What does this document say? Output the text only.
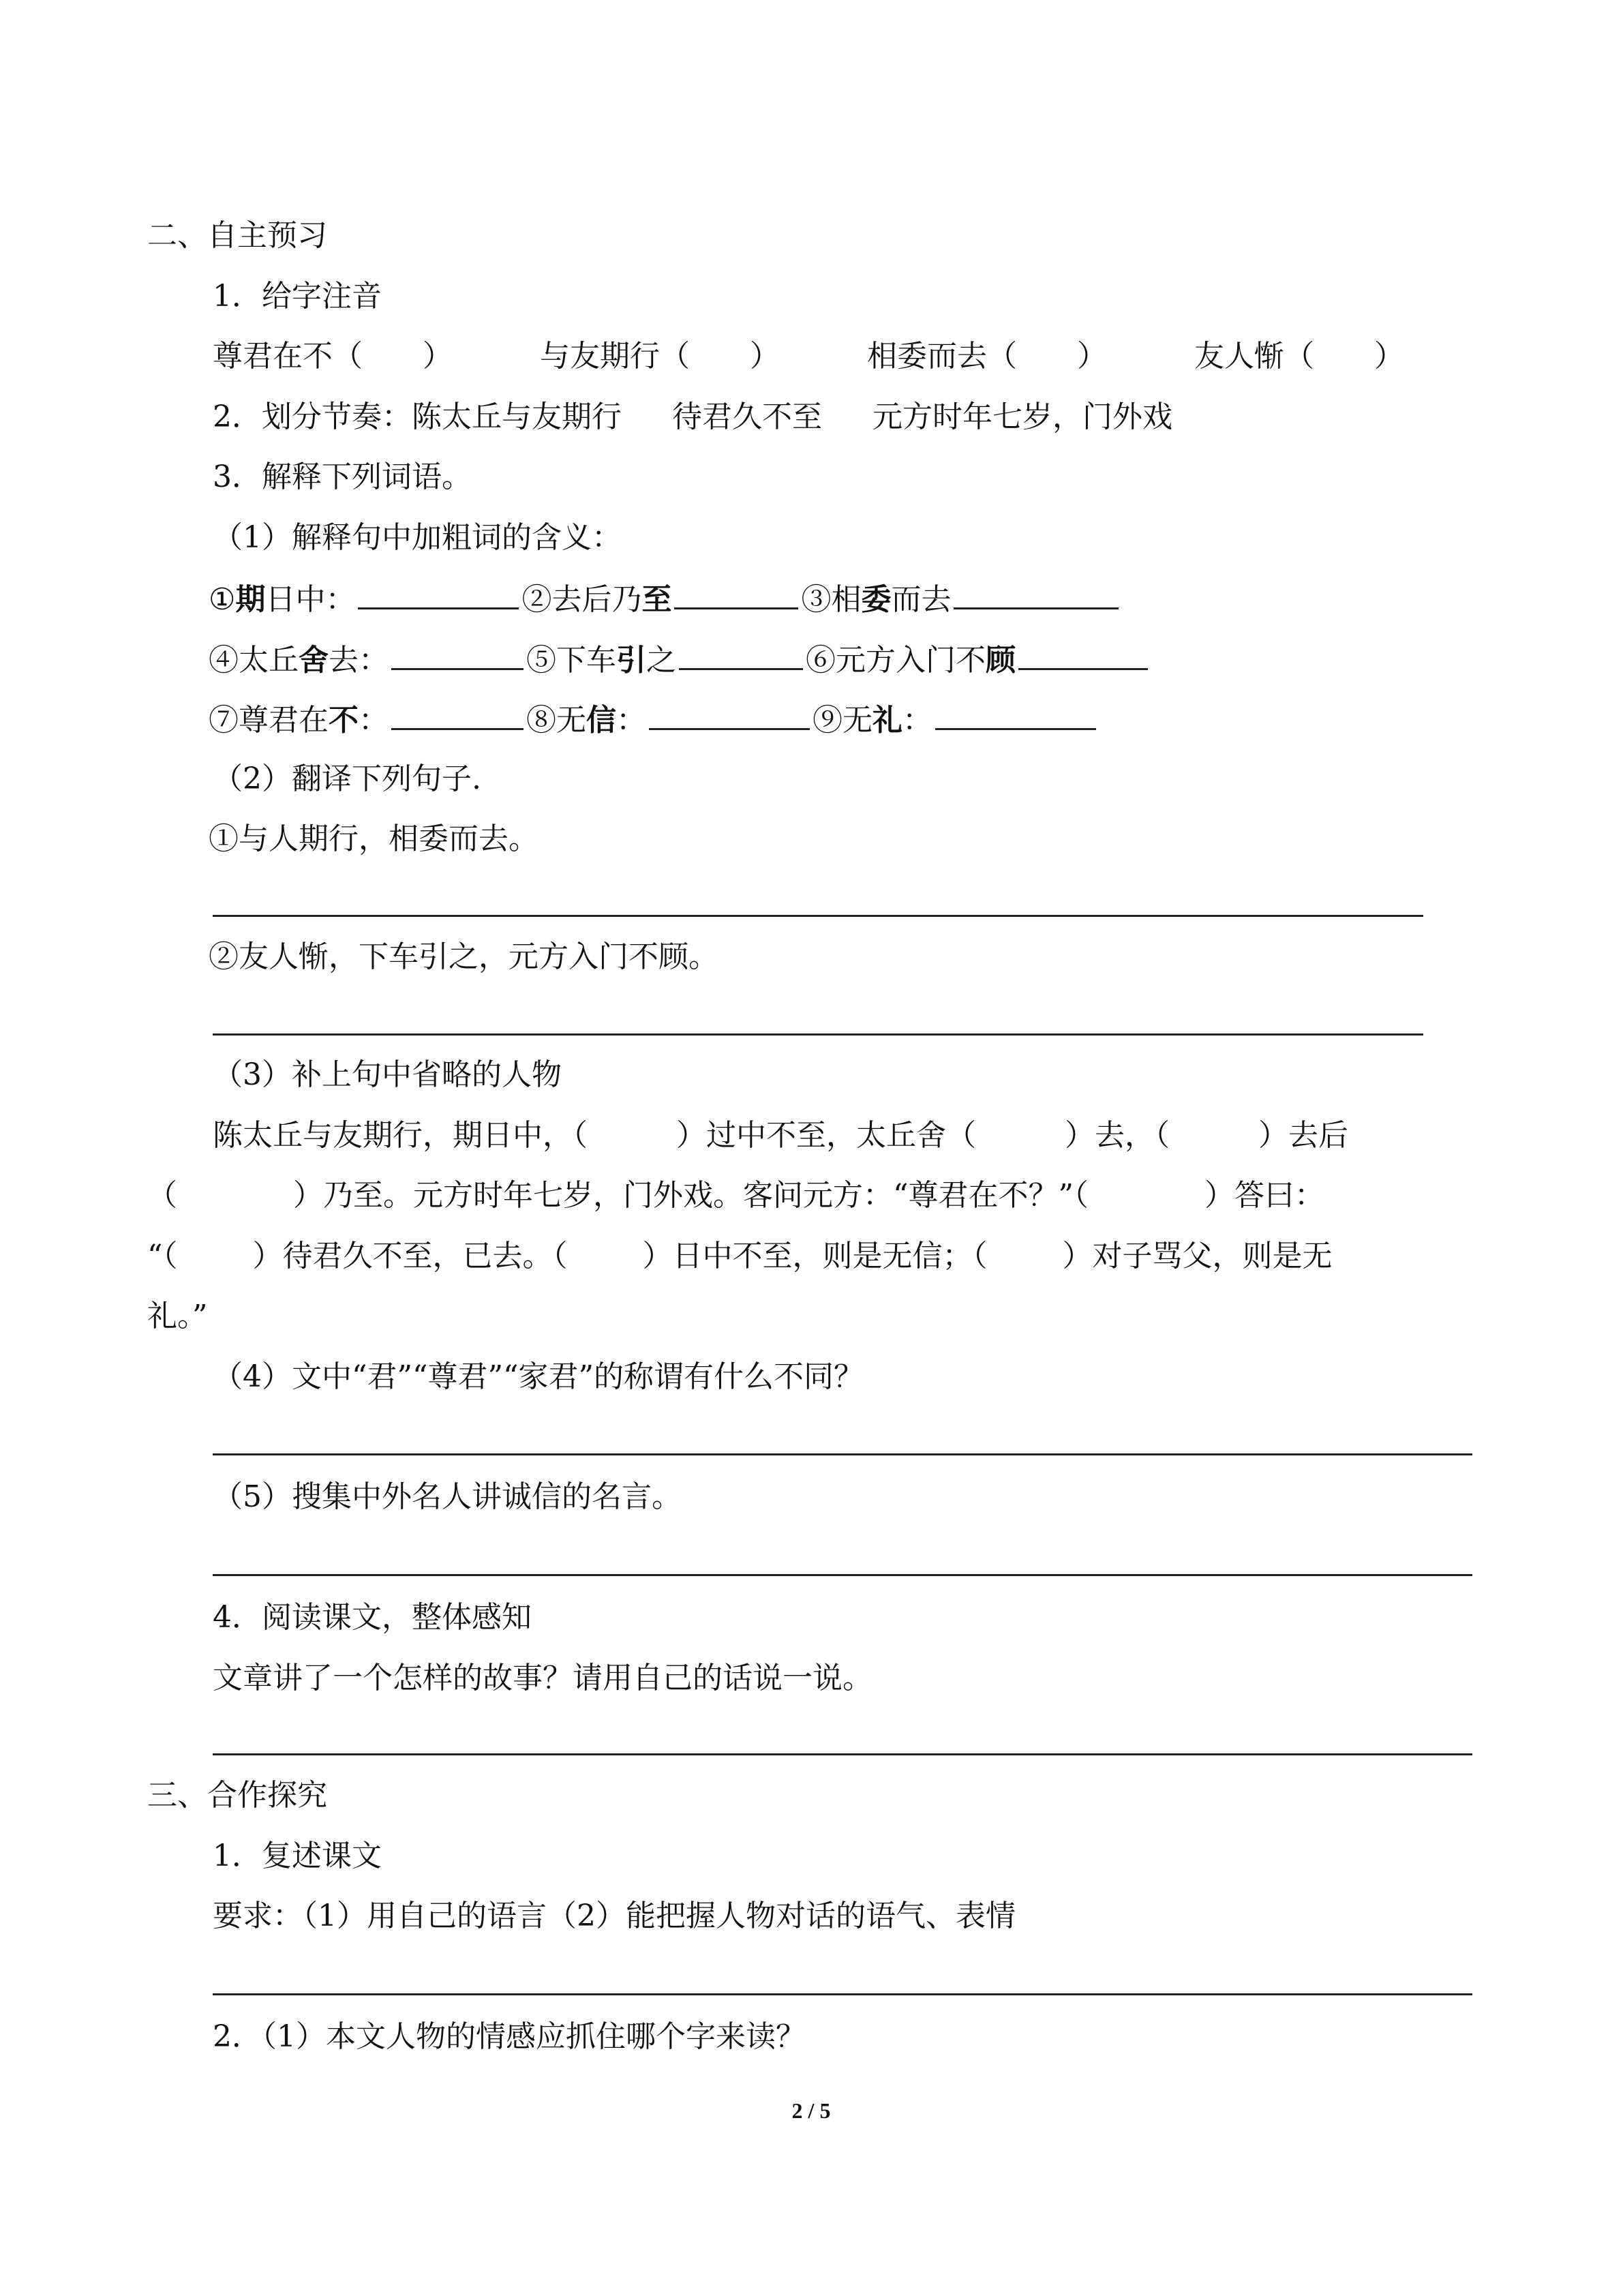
二、自主预习
1．给字注音
尊君在不（　　）	与友期行（　　）	相委而去（　　）	友人惭（　　）
2．划分节奏：陈太丘与友期行 待君久不至 元方时年七岁，门外戏
3．解释下列词语。
（1）解释句中加粗词的含义：
①期日中：	②去后乃至	③相委而去
④太丘舍去：	⑤下车引之	⑥元方入门不顾
⑦尊君在不：	⑧无信：	⑨无礼：
（2）翻译下列句子.
①与人期行，相委而去。
②友人惭，下车引之，元方入门不顾。
（3）补上句中省略的人物
陈太丘与友期行，期日中，（	）过中不至，太丘舍（	）去，（	）去后
（	）乃至。元方时年七岁，门外戏。客问元方：“尊君在不？”（	）答曰：
“（	）待君久不至，已去。（	）日中不至，则是无信；（	）对子骂父，则是无
礼。”
（4）文中“君”“尊君”“家君”的称谓有什么不同？
（5）搜集中外名人讲诚信的名言。
4．阅读课文，整体感知
文章讲了一个怎样的故事？请用自己的话说一说。
三、合作探究
1．复述课文
要求：（1）用自己的语言（2）能把握人物对话的语气、表情
2．（1）本文人物的情感应抓住哪个字来读？
2 / 5
